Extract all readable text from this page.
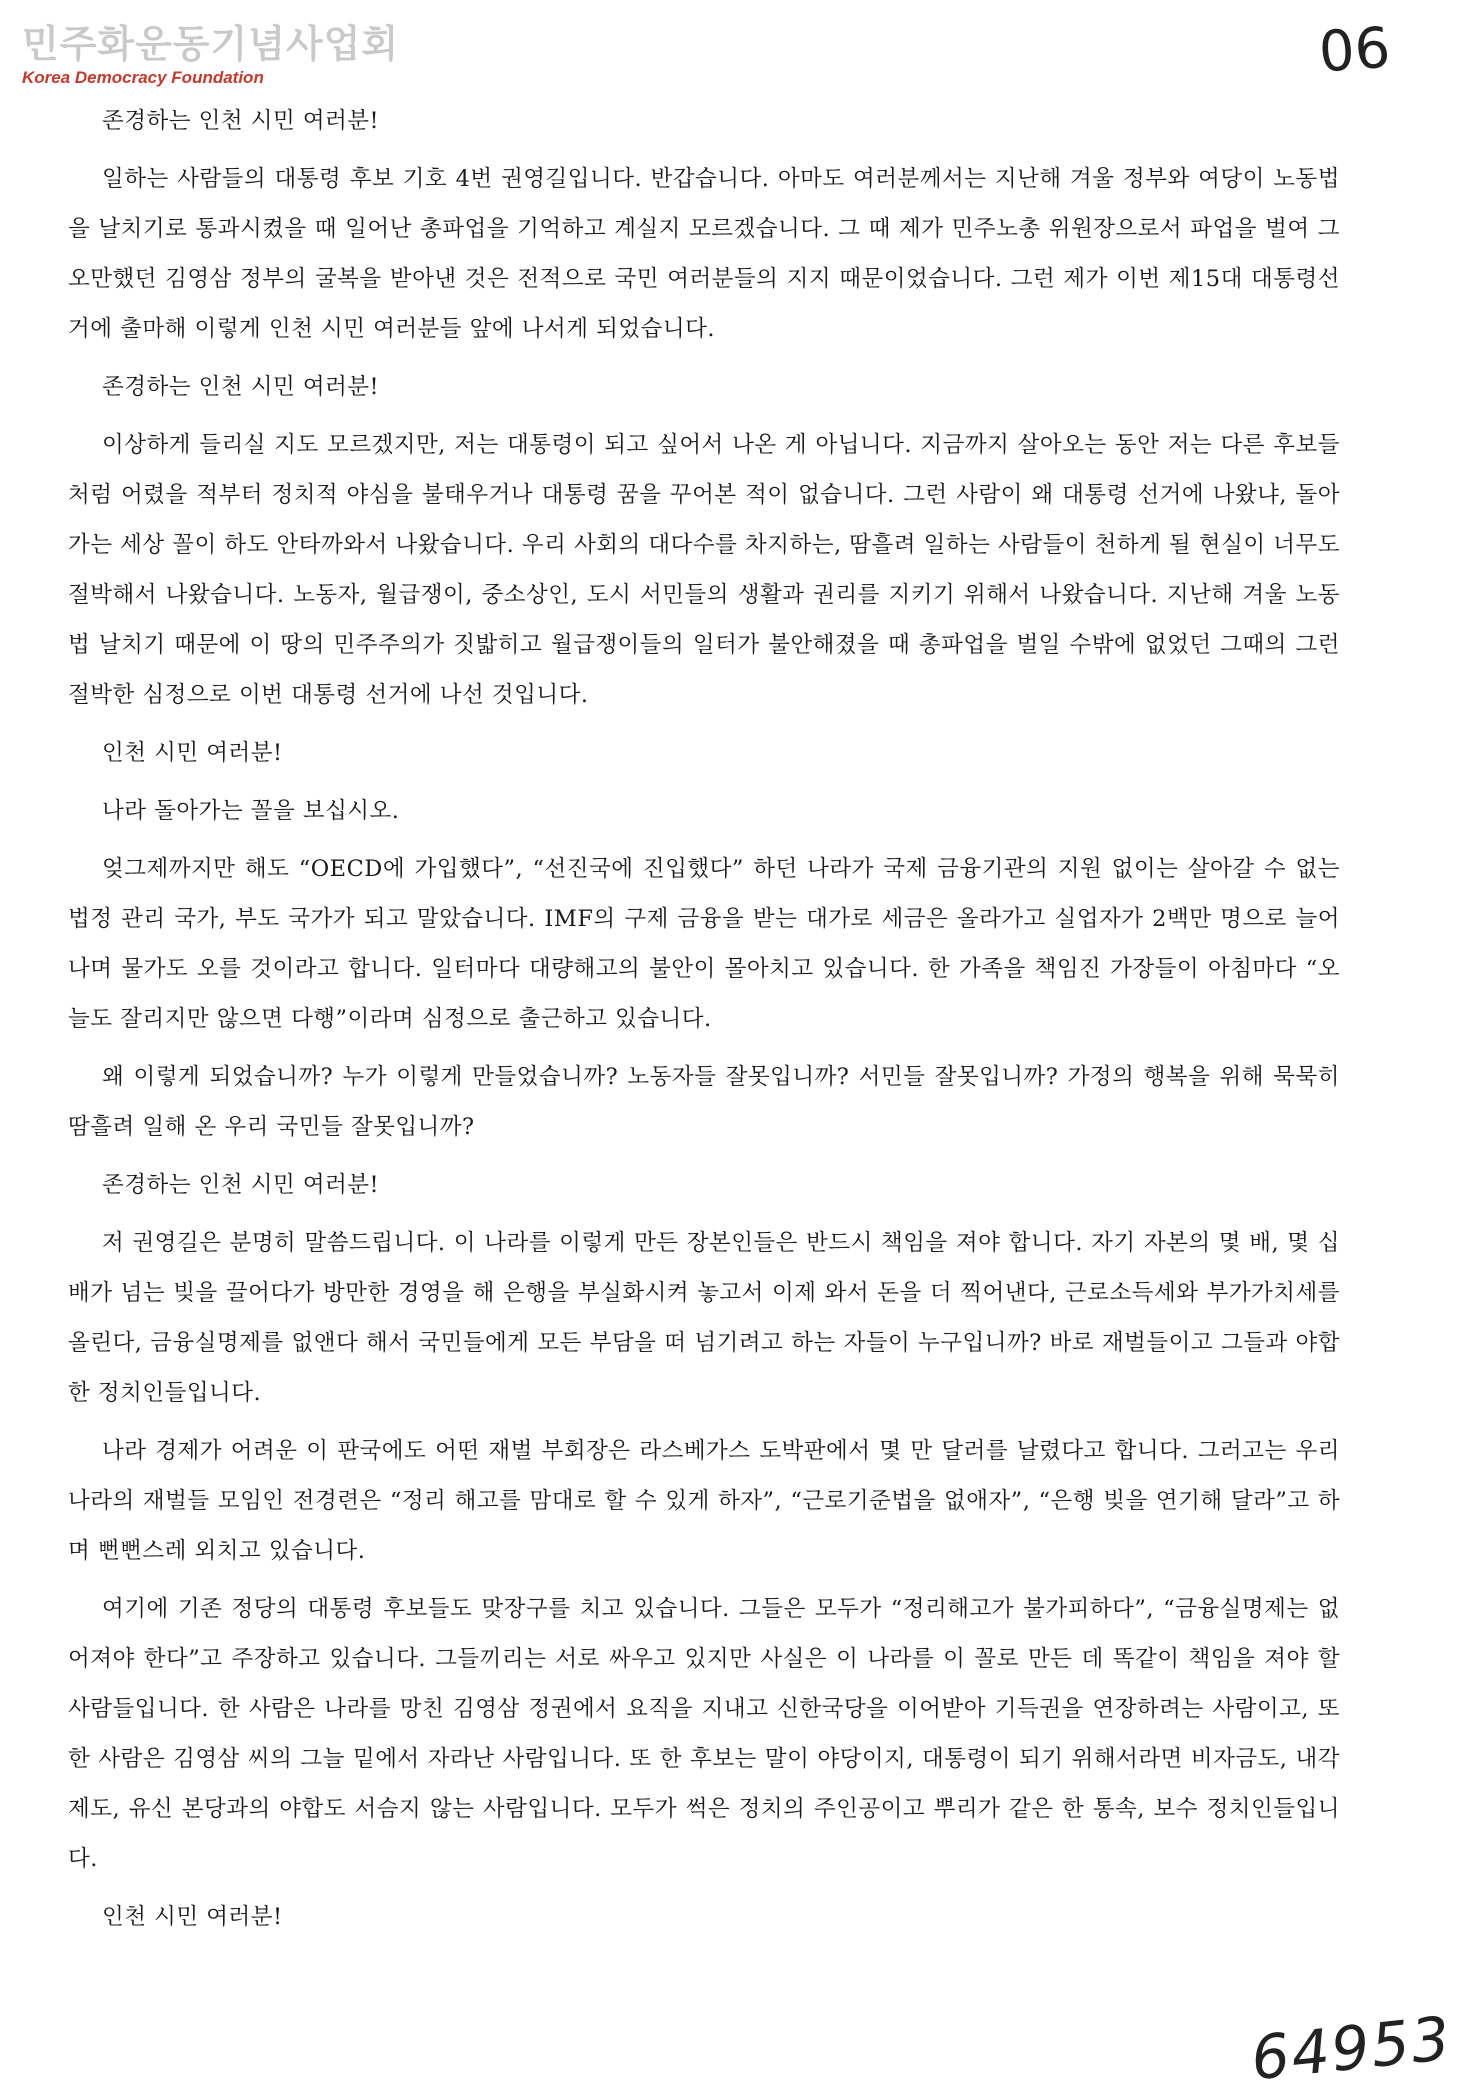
민주화운동기념사업회
Korea Democracy Foundation	06

존경하는 인천 시민 여러분!

일하는 사람들의 대통령 후보 기호 4번 권영길입니다. 반갑습니다. 아마도 여러분께서는 지난해 겨울 정부와 여당이 노동법을 날치기로 통과시켰을 때 일어난 총파업을 기억하고 계실지 모르겠습니다. 그 때 제가 민주노총 위원장으로서 파업을 벌여 그 오만했던 김영삼 정부의 굴복을 받아낸 것은 전적으로 국민 여러분들의 지지 때문이었습니다. 그런 제가 이번 제15대 대통령선거에 출마해 이렇게 인천 시민 여러분들 앞에 나서게 되었습니다.

존경하는 인천 시민 여러분!

이상하게 들리실 지도 모르겠지만, 저는 대통령이 되고 싶어서 나온 게 아닙니다. 지금까지 살아오는 동안 저는 다른 후보들처럼 어렸을 적부터 정치적 야심을 불태우거나 대통령 꿈을 꾸어본 적이 없습니다. 그런 사람이 왜 대통령 선거에 나왔냐, 돌아가는 세상 꼴이 하도 안타까와서 나왔습니다. 우리 사회의 대다수를 차지하는, 땀흘려 일하는 사람들이 천하게 될 현실이 너무도 절박해서 나왔습니다. 노동자, 월급쟁이, 중소상인, 도시 서민들의 생활과 권리를 지키기 위해서 나왔습니다. 지난해 겨울 노동법 날치기 때문에 이 땅의 민주주의가 짓밟히고 월급쟁이들의 일터가 불안해졌을 때 총파업을 벌일 수밖에 없었던 그때의 그런 절박한 심정으로 이번 대통령 선거에 나선 것입니다.

인천 시민 여러분!

나라 돌아가는 꼴을 보십시오.

엊그제까지만 해도 “OECD에 가입했다”, “선진국에 진입했다” 하던 나라가 국제 금융기관의 지원 없이는 살아갈 수 없는 법정 관리 국가, 부도 국가가 되고 말았습니다. IMF의 구제 금융을 받는 대가로 세금은 올라가고 실업자가 2백만 명으로 늘어나며 물가도 오를 것이라고 합니다. 일터마다 대량해고의 불안이 몰아치고 있습니다. 한 가족을 책임진 가장들이 아침마다 “오늘도 잘리지만 않으면 다행”이라며 심정으로 출근하고 있습니다.

왜 이렇게 되었습니까? 누가 이렇게 만들었습니까? 노동자들 잘못입니까? 서민들 잘못입니까? 가정의 행복을 위해 묵묵히 땀흘려 일해 온 우리 국민들 잘못입니까?

존경하는 인천 시민 여러분!

저 권영길은 분명히 말씀드립니다. 이 나라를 이렇게 만든 장본인들은 반드시 책임을 져야 합니다. 자기 자본의 몇 배, 몇 십배가 넘는 빚을 끌어다가 방만한 경영을 해 은행을 부실화시켜 놓고서 이제 와서 돈을 더 찍어낸다, 근로소득세와 부가가치세를 올린다, 금융실명제를 없앤다 해서 국민들에게 모든 부담을 떠 넘기려고 하는 자들이 누구입니까? 바로 재벌들이고 그들과 야합한 정치인들입니다.

나라 경제가 어려운 이 판국에도 어떤 재벌 부회장은 라스베가스 도박판에서 몇 만 달러를 날렸다고 합니다. 그러고는 우리나라의 재벌들 모임인 전경련은 “정리 해고를 맘대로 할 수 있게 하자”, “근로기준법을 없애자”, “은행 빚을 연기해 달라”고 하며 뻔뻔스레 외치고 있습니다.

여기에 기존 정당의 대통령 후보들도 맞장구를 치고 있습니다. 그들은 모두가 “정리해고가 불가피하다”, “금융실명제는 없어져야 한다”고 주장하고 있습니다. 그들끼리는 서로 싸우고 있지만 사실은 이 나라를 이 꼴로 만든 데 똑같이 책임을 져야 할 사람들입니다. 한 사람은 나라를 망친 김영삼 정권에서 요직을 지내고 신한국당을 이어받아 기득권을 연장하려는 사람이고, 또 한 사람은 김영삼 씨의 그늘 밑에서 자라난 사람입니다. 또 한 후보는 말이 야당이지, 대통령이 되기 위해서라면 비자금도, 내각제도, 유신 본당과의 야합도 서슴지 않는 사람입니다. 모두가 썩은 정치의 주인공이고 뿌리가 같은 한 통속, 보수 정치인들입니다.

인천 시민 여러분!

64953
